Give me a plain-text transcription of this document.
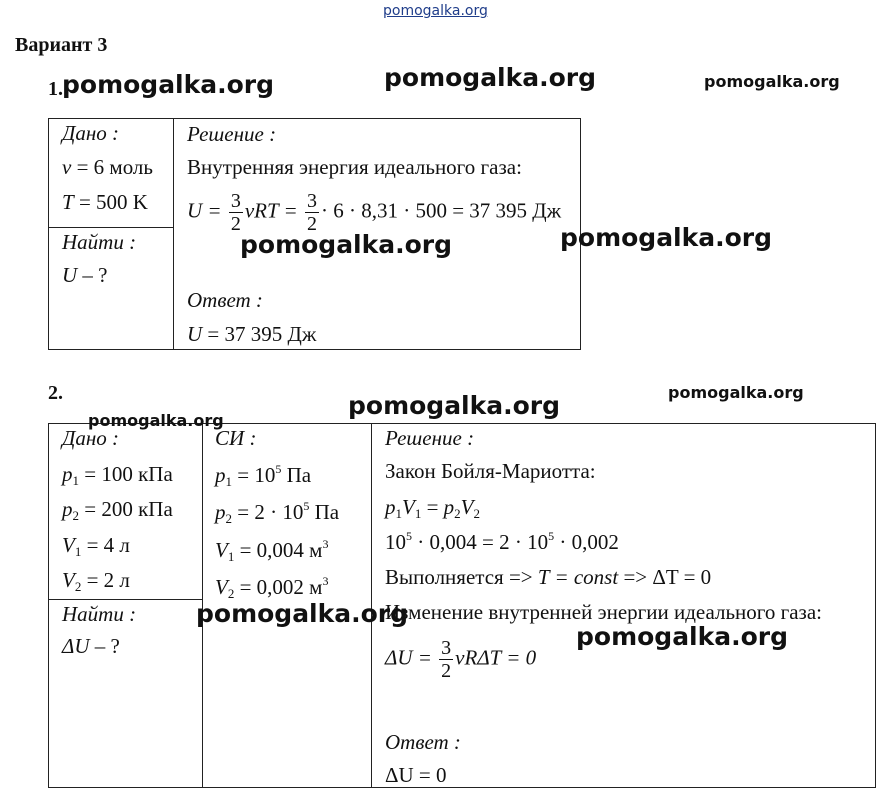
pomogalka.org
Вариант 3
1.
Дано :
ν = 6 моль
T = 500 K
Найти :
U – ?
Решение :
Внутренняя энергия идеального газа:
$U = \frac{3}{2}$ $\nu RT = \frac{3}{2} \cdot 6 \cdot 8,31 \cdot 500 = 37$ 395 Дж
Ответ :
U = 37 395 Дж
2.
Дано :
$p_1 = 100$ кПа
$p_2 = 200$ кПа
$V_1 = 4$ л
$V_2 = 2$ л
Найти :
ΔU – ?
СИ :
$p_1 = 10^5$ Па
$p_2 = 2 \cdot 10^5$ Па
$V_1 = 0,004$ $м^3$
$V_2 = 0,002$ $м^3$
Решение :
Закон Бойля-Мариотта:
$p_1V_1 = p_2V_2$
$10^5 \cdot 0,004 = 2 \cdot 10^5 \cdot 0,002$
Выполняется => T = const => ΔT = 0
Изменение внутренней энергии идеального газа:
$\Delta U = \frac{3}{2}$ νRΔT = 0
Ответ :
ΔU = 0
pomogalka.org	pomogalka.org	pomogalka.org
pomogalka.org	pomogalka.org
pomogalka.org
pomogalka.org
pomogalka.org
pomogalka.org
pomogalka.org
